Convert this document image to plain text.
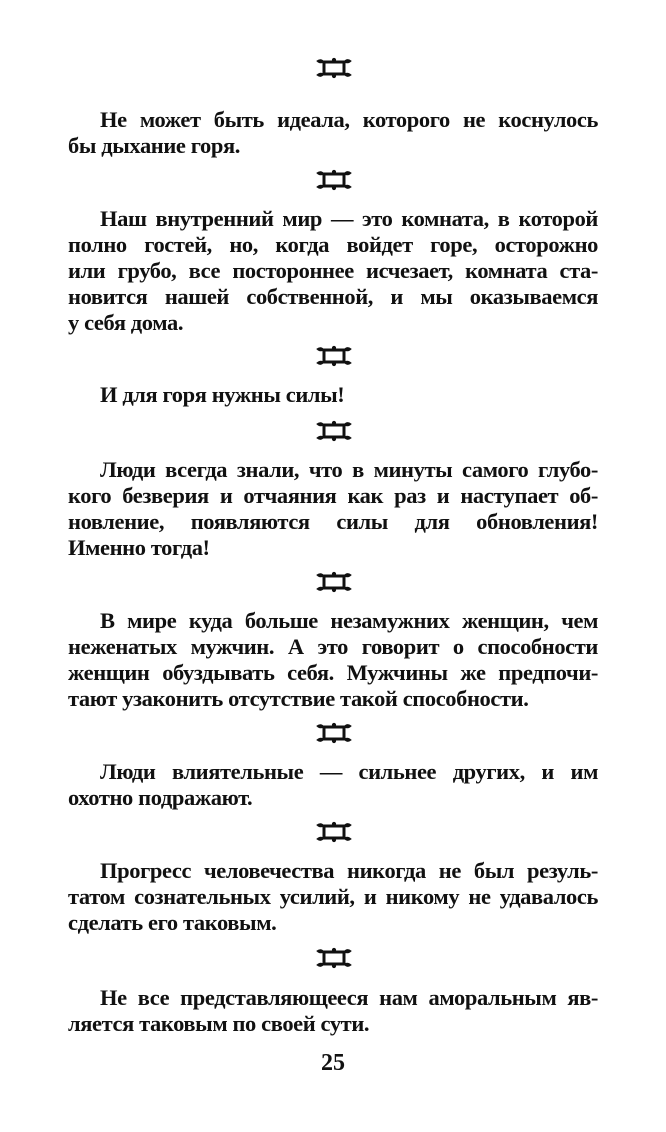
Не может быть идеала, которого не коснулось
бы дыхание горя.
Наш внутренний мир — это комната, в которой
полно гостей, но, когда войдет горе, осторожно
или грубо, все постороннее исчезает, комната ста-
новится нашей собственной, и мы оказываемся
у себя дома.
И для горя нужны силы!
Люди всегда знали, что в минуты самого глубо-
кого безверия и отчаяния как раз и наступает об-
новление, появляются силы для обновления!
Именно тогда!
В мире куда больше незамужних женщин, чем
неженатых мужчин. А это говорит о способности
женщин обуздывать себя. Мужчины же предпочи-
тают узаконить отсутствие такой способности.
Люди влиятельные — сильнее других, и им
охотно подражают.
Прогресс человечества никогда не был резуль-
татом сознательных усилий, и никому не удавалось
сделать его таковым.
Не все представляющееся нам аморальным яв-
ляется таковым по своей сути.
25
